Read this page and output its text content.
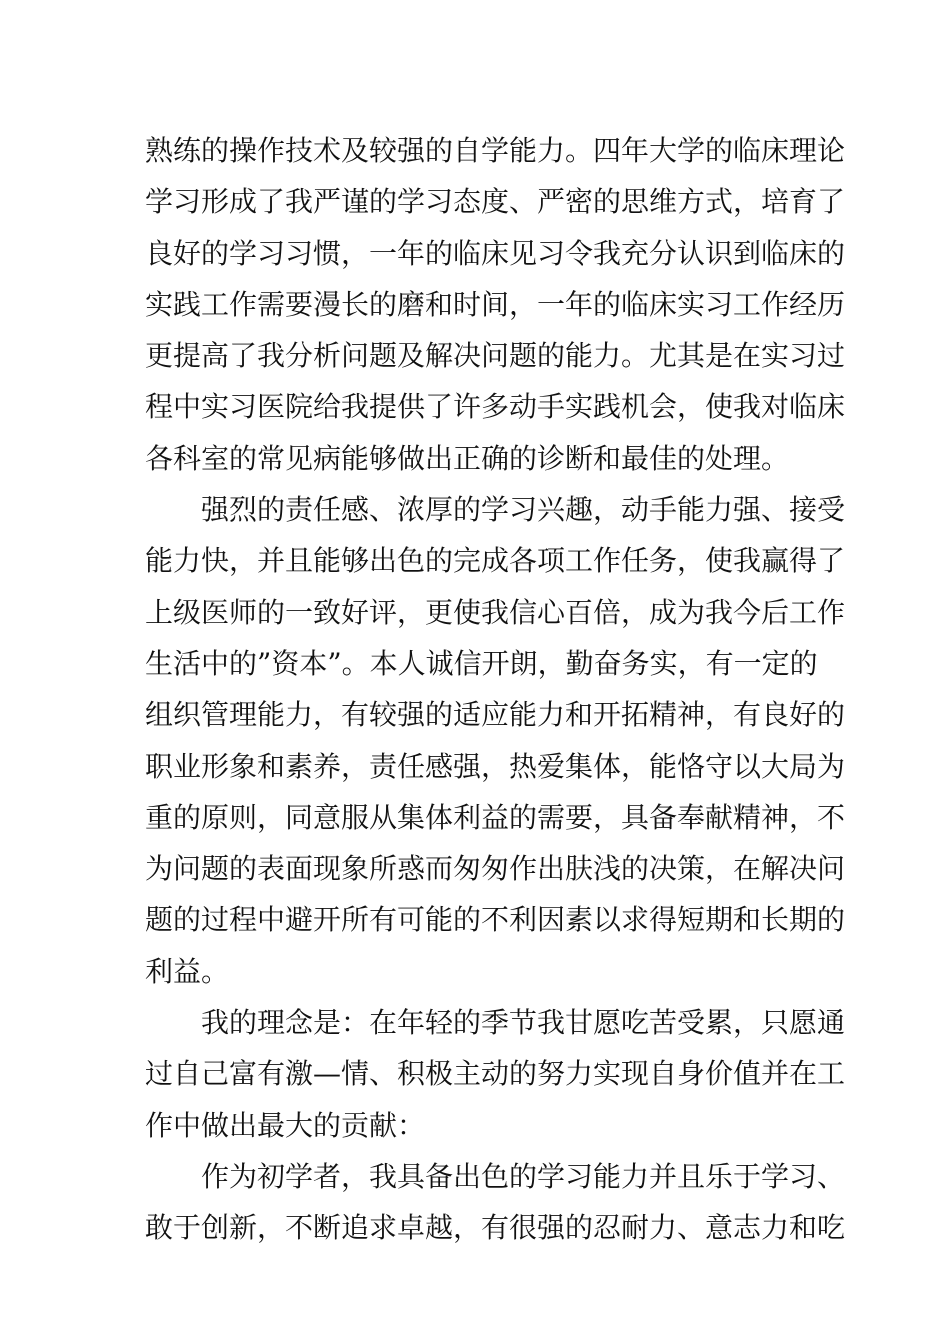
熟练的操作技术及较强的自学能力。四年大学的临床理论
学习形成了我严谨的学习态度、严密的思维方式，培育了
良好的学习习惯，一年的临床见习令我充分认识到临床的
实践工作需要漫长的磨和时间，一年的临床实习工作经历
更提高了我分析问题及解决问题的能力。尤其是在实习过
程中实习医院给我提供了许多动手实践机会，使我对临床
各科室的常见病能够做出正确的诊断和最佳的处理。
强烈的责任感、浓厚的学习兴趣，动手能力强、接受
能力快，并且能够出色的完成各项工作任务，使我赢得了
上级医师的一致好评，更使我信心百倍，成为我今后工作
生活中的”资本”。本人诚信开朗，勤奋务实，有一定的
组织管理能力，有较强的适应能力和开拓精神，有良好的
职业形象和素养，责任感强，热爱集体，能恪守以大局为
重的原则，同意服从集体利益的需要，具备奉献精神，不
为问题的表面现象所惑而匆匆作出肤浅的决策，在解决问
题的过程中避开所有可能的不利因素以求得短期和长期的
利益。
我的理念是：在年轻的季节我甘愿吃苦受累，只愿通
过自己富有激—情、积极主动的努力实现自身价值并在工
作中做出最大的贡献：
作为初学者，我具备出色的学习能力并且乐于学习、
敢于创新，不断追求卓越，有很强的忍耐力、意志力和吃
